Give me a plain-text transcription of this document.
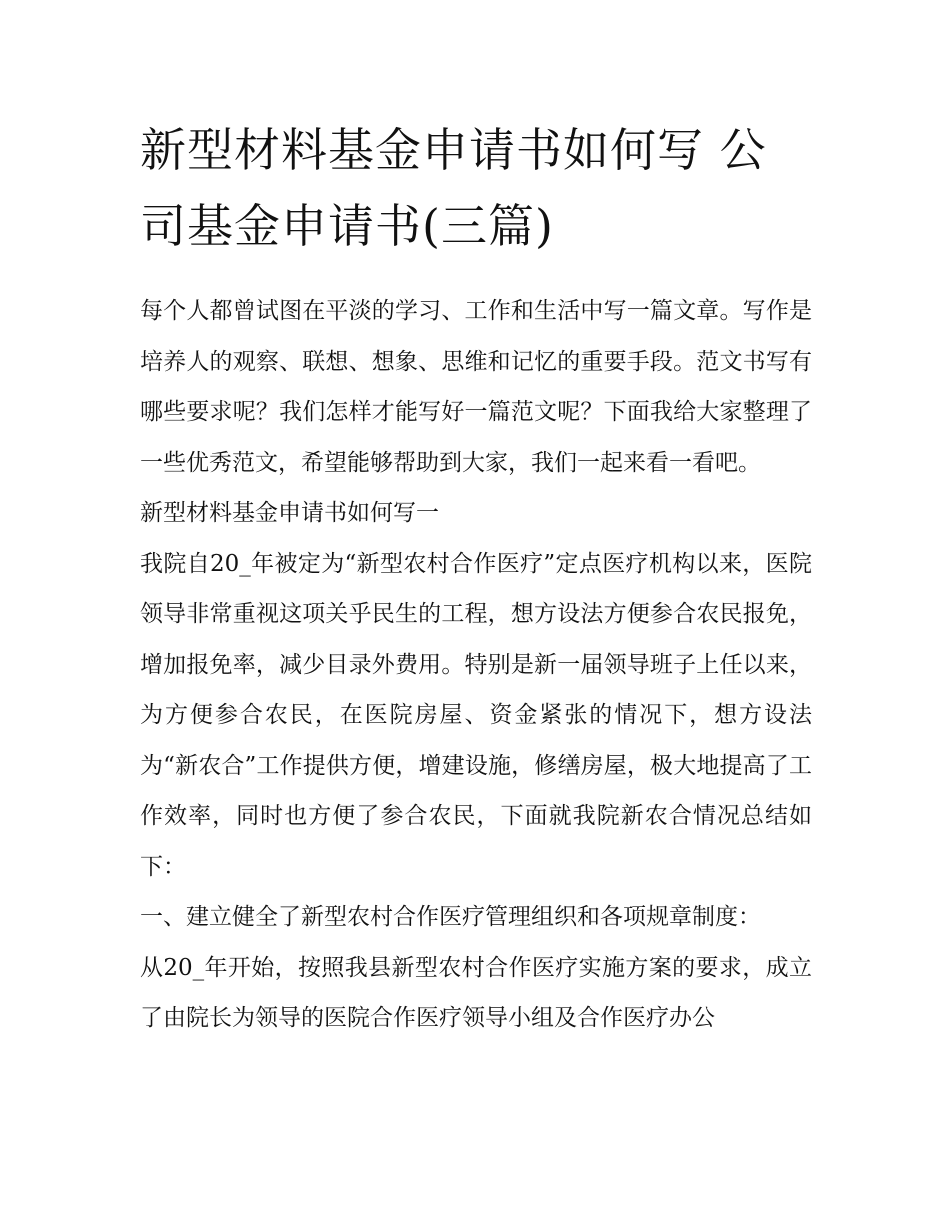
新型材料基金申请书如何写 公司基金申请书(三篇)

每个人都曾试图在平淡的学习、工作和生活中写一篇文章。写作是培养人的观察、联想、想象、思维和记忆的重要手段。范文书写有哪些要求呢？我们怎样才能写好一篇范文呢？下面我给大家整理了一些优秀范文，希望能够帮助到大家，我们一起来看一看吧。

新型材料基金申请书如何写一

我院自20_年被定为“新型农村合作医疗”定点医疗机构以来，医院领导非常重视这项关乎民生的工程，想方设法方便参合农民报免，增加报免率，减少目录外费用。特别是新一届领导班子上任以来，为方便参合农民，在医院房屋、资金紧张的情况下，想方设法为“新农合”工作提供方便，增建设施，修缮房屋，极大地提高了工作效率，同时也方便了参合农民，下面就我院新农合情况总结如下：

一、建立健全了新型农村合作医疗管理组织和各项规章制度：

从20_年开始，按照我县新型农村合作医疗实施方案的要求，成立了由院长为领导的医院合作医疗领导小组及合作医疗办公
